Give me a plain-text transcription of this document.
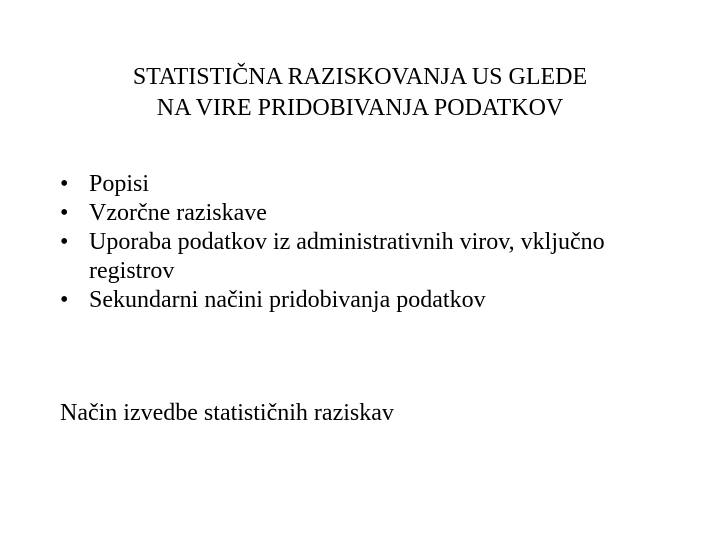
STATISTIČNA RAZISKOVANJA US GLEDE
NA VIRE PRIDOBIVANJA PODATKOV
• Popisi
• Vzorčne raziskave
• Uporaba podatkov iz administrativnih virov, vključno registrov
• Sekundarni načini pridobivanja podatkov

Način izvedbe statističnih raziskav
